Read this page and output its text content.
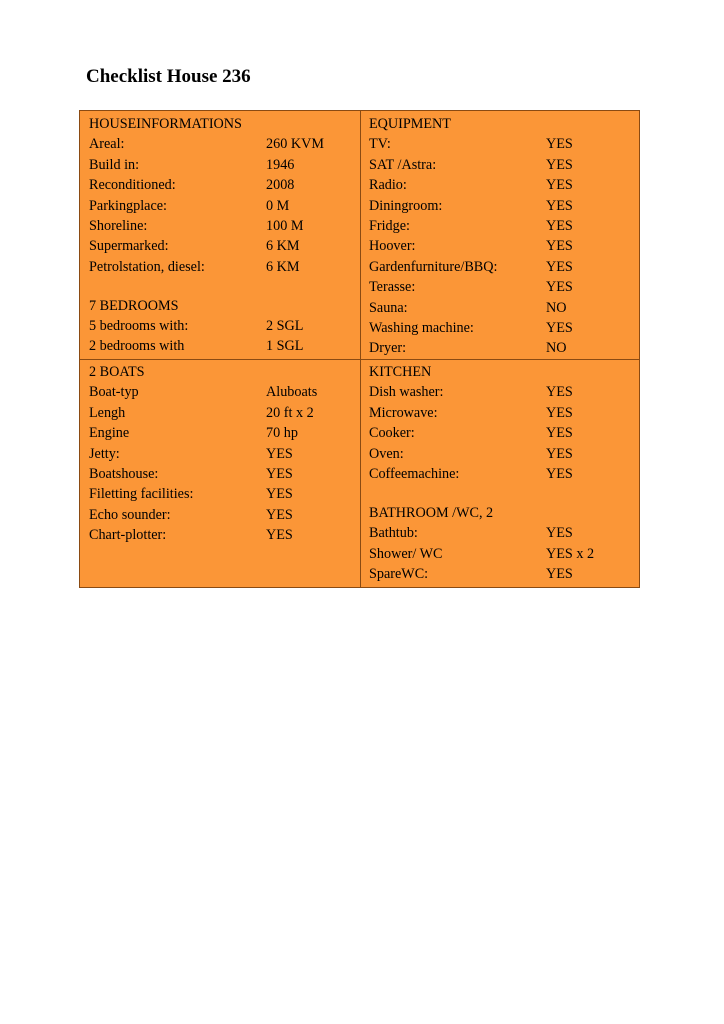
Checklist House 236
HOUSEINFORMATIONS
Areal:	260 KVM
Build in:	1946
Reconditioned:	2008
Parkingplace:	0 M
Shoreline:	100 M
Supermarked:	6 KM
Petrolstation, diesel:	6 KM
7 BEDROOMS
5 bedrooms with:	2 SGL
2 bedrooms with	1 SGL
EQUIPMENT
TV:	YES
SAT /Astra:	YES
Radio:	YES
Diningroom:	YES
Fridge:	YES
Hoover:	YES
Gardenfurniture/BBQ:	YES
Terasse:	YES
Sauna:	NO
Washing machine:	YES
Dryer:	NO
2 BOATS
Boat-typ	Aluboats
Lengh	20 ft x 2
Engine	70 hp
Jetty:	YES
Boatshouse:	YES
Filetting facilities:	YES
Echo sounder:	YES
Chart-plotter:	YES
KITCHEN
Dish washer:	YES
Microwave:	YES
Cooker:	YES
Oven:	YES
Coffeemachine:	YES
BATHROOM /WC, 2
Bathtub:	YES
Shower/ WC	YES x 2
SpareWC:	YES
